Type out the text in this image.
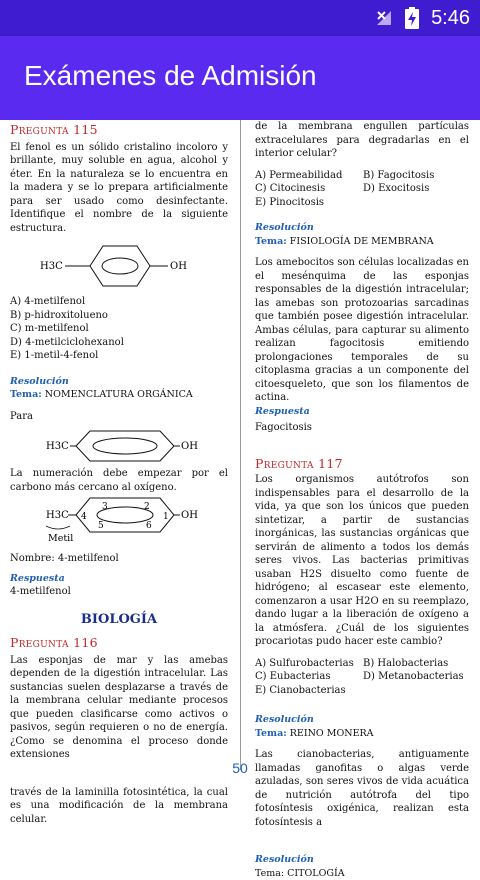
5:46
Exámenes de Admisión

Pregunta 115

El fenol es un sólido cristalino incoloro y brillante, muy soluble en agua, alcohol y éter. En la naturaleza se lo encuentra en la madera y se lo prepara artificialmente para ser usado como desinfectante. Identifique el nombre de la siguiente estructura.

H3C	OH
A) 4-metilfenol
B) p-hidroxitolueno
C) m-metilfenol
D) 4-metilciclohexanol
E) 1-metil-4-fenol

Resolución

Tema: NOMENCLATURA ORGÁNICA

Para

H3C	OH

La numeración debe empezar por el carbono más cercano al oxígeno.

H3C	OH
1
2
3
4
5	6
Metil

Nombre: 4-metilfenol

Respuesta

4-metilfenol

BIOLOGÍA

Pregunta 116

Las esponjas de mar y las amebas dependen de la digestión intracelular. Las sustancias suelen desplazarse a través de la membrana celular mediante procesos que pueden clasificarse como activos o pasivos, según requieren o no de energía. ¿Como se denomina el proceso donde extensiones

través de la laminilla fotosintética, la cual es una modificación de la membrana celular.

de la membrana engullen partículas extracelulares para degradarlas en el interior celular?

A) Permeabilidad	B) Fagocitosis
C) Citocinesis	D) Exocitosis
E) Pinocitosis

Resolución

Tema: FISIOLOGÍA DE MEMBRANA

Los amebocitos son células localizadas en el mesénquima de las esponjas responsables de la digestión intracelular; las amebas son protozoarias sarcadinas que también posee digestión intracelular. Ambas células, para capturar su alimento realizan fagocitosis emitiendo prolongaciones temporales de su citoplasma gracias a un componente del citoesqueleto, que son los filamentos de actina.

Respuesta

Fagocitosis

Pregunta 117

Los organismos autótrofos son indispensables para el desarrollo de la vida, ya que son los únicos que pueden sintetizar, a partir de sustancias inorgánicas, las sustancias orgánicas que servirán de alimento a todos los demás seres vivos. Las bacterias primitivas usaban H2S disuelto como fuente de hidrógeno; al escasear este elemento, comenzaron a usar H2O en su reemplazo, dando lugar a la liberación de oxígeno a la atmósfera. ¿Cuál de los siguientes procariotas pudo hacer este cambio?

A) Sulfurobacterias B) Halobacterias
C) Eubacterias	D) Metanobacterias
E) Cianobacterias

Resolución

Tema: REINO MONERA

Las cianobacterias, antiguamente llamadas ganofitas o algas verde azuladas, son seres vivos de vida acuática de nutrición autótrofa del tipo fotosíntesis oxigénica, realizan esta fotosíntesis a

Resolución

Tema: CITOLOGÍA

50
